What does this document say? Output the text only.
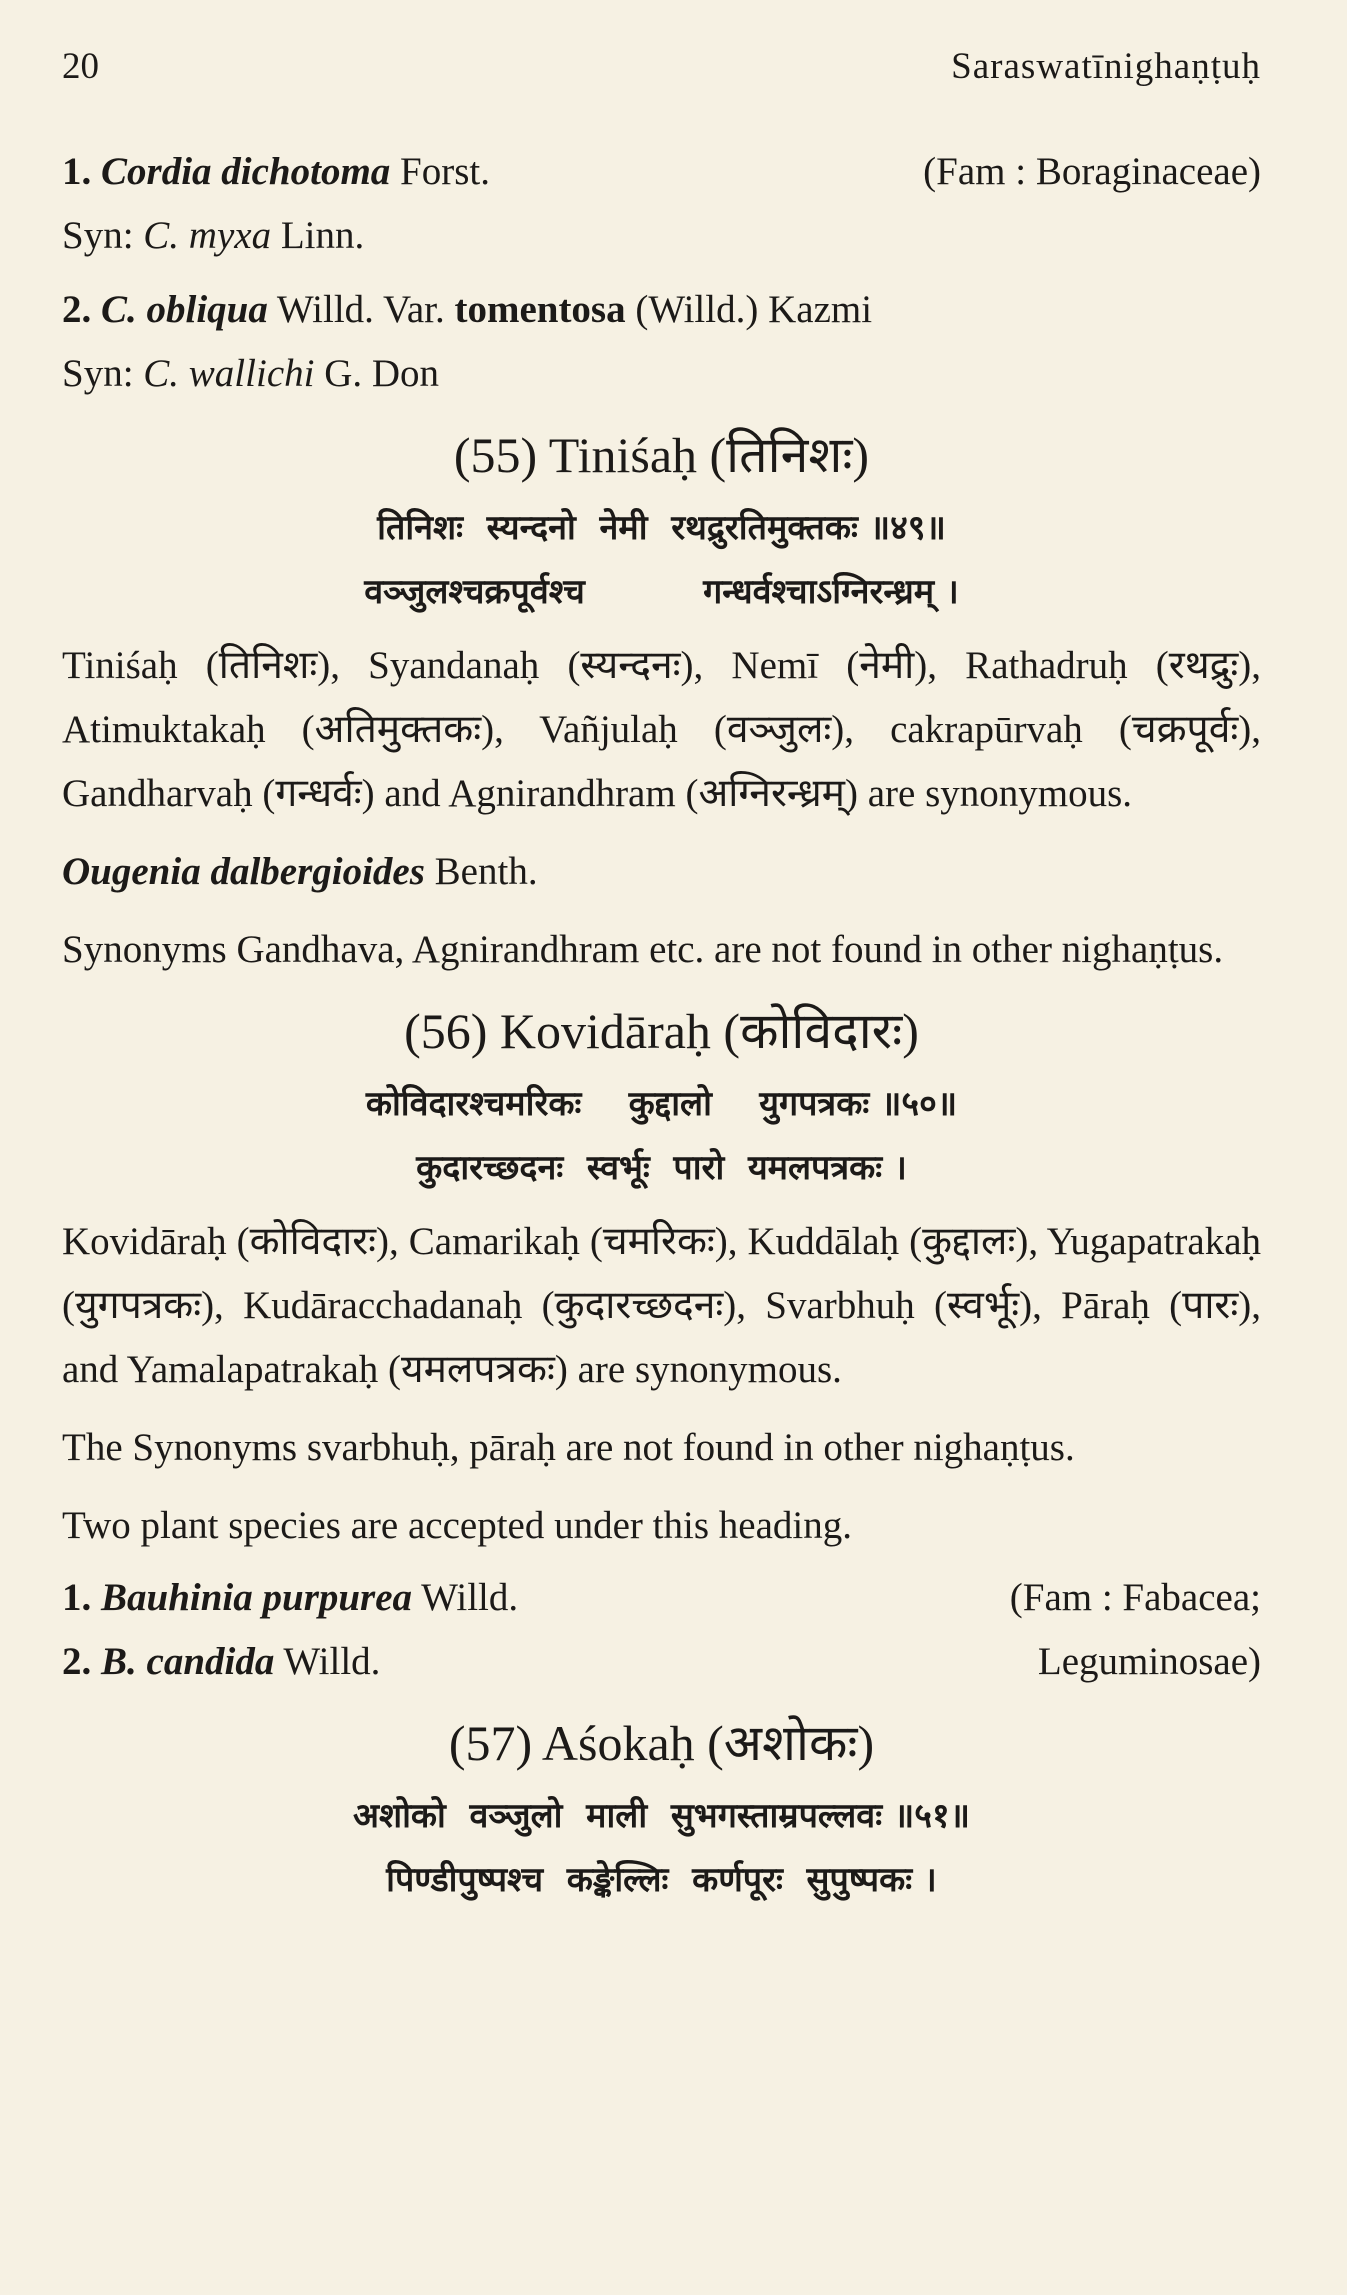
20	Saraswatīnighaṇṭuḥ
1. Cordia dichotoma Forst.	(Fam : Boraginaceae)
Syn: C. myxa Linn.
2. C. obliqua Willd. Var. tomentosa (Willd.) Kazmi
Syn: C. wallichi G. Don
(55) Tiniśaḥ (तिनिशः)
तिनिशः  स्यन्दनो  नेमी  रथद्रुरतिमुक्तकः ॥४९॥
वञ्जुलश्चक्रपूर्वश्च          गन्धर्वश्चाऽग्निरन्ध्रम् ।

Tiniśaḥ (तिनिशः), Syandanaḥ (स्यन्दनः), Nemī (नेमी), Rathadruḥ (रथद्रुः), Atimuktakaḥ (अतिमुक्तकः), Vañjulaḥ (वञ्जुलः), cakrapūrvaḥ (चक्रपूर्वः), Gandharvaḥ (गन्धर्वः) and Agnirandhram (अग्निरन्ध्रम्) are synonymous.

Ougenia dalbergioides Benth.

Synonyms Gandhava, Agnirandhram etc. are not found in other nighaṇṭus.

(56) Kovidāraḥ (कोविदारः)
कोविदारश्चमरिकः    कुद्दालो    युगपत्रकः ॥५०॥
कुदारच्छदनः  स्वर्भूः  पारो  यमलपत्रकः ।

Kovidāraḥ (कोविदारः), Camarikaḥ (चमरिकः), Kuddālaḥ (कुद्दालः), Yugapatrakaḥ (युगपत्रकः), Kudāracchadanaḥ (कुदारच्छदनः), Svarbhuḥ (स्वर्भूः), Pāraḥ (पारः), and Yamalapatrakaḥ (यमलपत्रकः) are synonymous.

The Synonyms svarbhuḥ, pāraḥ are not found in other nighaṇṭus.

Two plant species are accepted under this heading.

1. Bauhinia purpurea Willd.	(Fam : Fabacea;
2. B. candida Willd.	Leguminosae)
(57) Aśokaḥ (अशोकः)
अशोको  वञ्जुलो  माली  सुभगस्ताम्रपल्लवः ॥५१॥
पिण्डीपुष्पश्च  कङ्केल्लिः  कर्णपूरः  सुपुष्पकः ।
